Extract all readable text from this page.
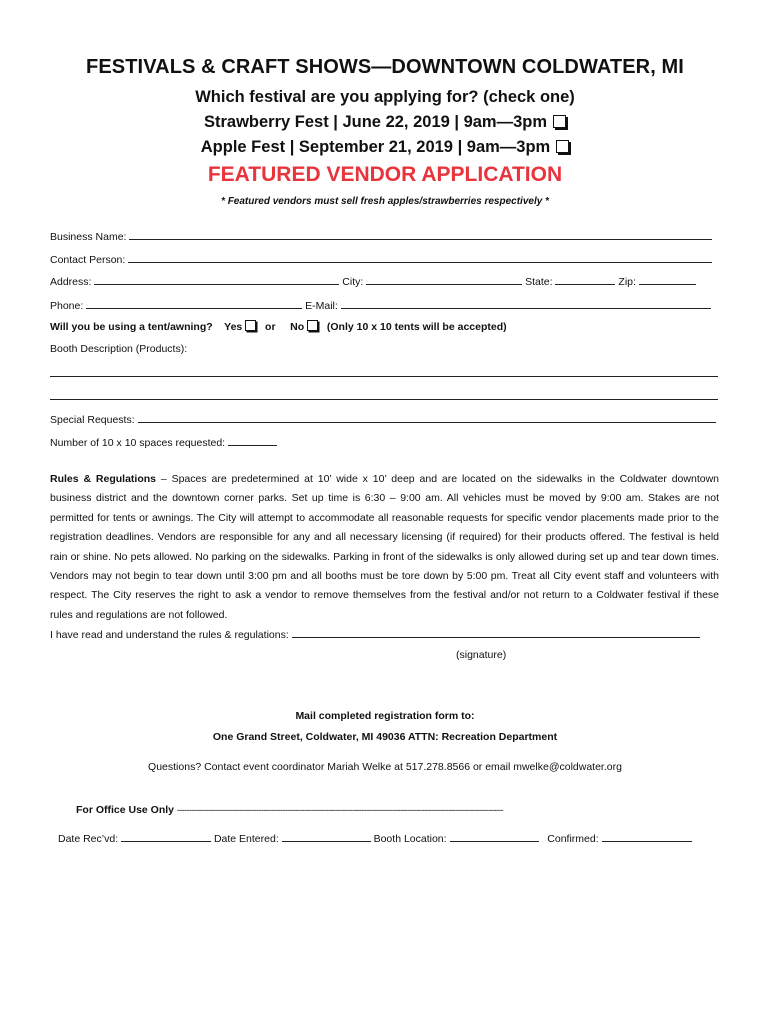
FESTIVALS & CRAFT SHOWS—DOWNTOWN COLDWATER, MI
Which festival are you applying for? (check one)
Strawberry Fest | June 22, 2019 | 9am—3pm
Apple Fest | September 21, 2019 | 9am—3pm
FEATURED VENDOR APPLICATION
* Featured vendors must sell fresh apples/strawberries respectively *
Business Name:
Contact Person:
Address:	City:	State:	Zip:
Phone:	E-Mail:
Will you be using a tent/awning? Yes or No (Only 10 x 10 tents will be accepted)
Booth Description (Products):
Special Requests:
Number of 10 x 10 spaces requested:
Rules & Regulations – Spaces are predetermined at 10’ wide x 10’ deep and are located on the sidewalks in the Coldwater downtown business district and the downtown corner parks. Set up time is 6:30 – 9:00 am. All vehicles must be moved by 9:00 am. Stakes are not permitted for tents or awnings. The City will attempt to accommodate all reasonable requests for specific vendor placements made prior to the registration deadlines. Vendors are responsible for any and all necessary licensing (if required) for their products offered. The festival is held rain or shine. No pets allowed. No parking on the sidewalks. Parking in front of the sidewalks is only allowed during set up and tear down times. Vendors may not begin to tear down until 3:00 pm and all booths must be tore down by 5:00 pm. Treat all City event staff and volunteers with respect. The City reserves the right to ask a vendor to remove themselves from the festival and/or not return to a Coldwater festival if these rules and regulations are not followed.
I have read and understand the rules & regulations:
(signature)
Mail completed registration form to:
One Grand Street, Coldwater, MI 49036 ATTN: Recreation Department
Questions? Contact event coordinator Mariah Welke at 517.278.8566 or email mwelke@coldwater.org
For Office Use Only ----------------------------------------------------------------------------------------------------------------------------------------
Date Rec’vd:	Date Entered:	Booth Location:	Confirmed:
